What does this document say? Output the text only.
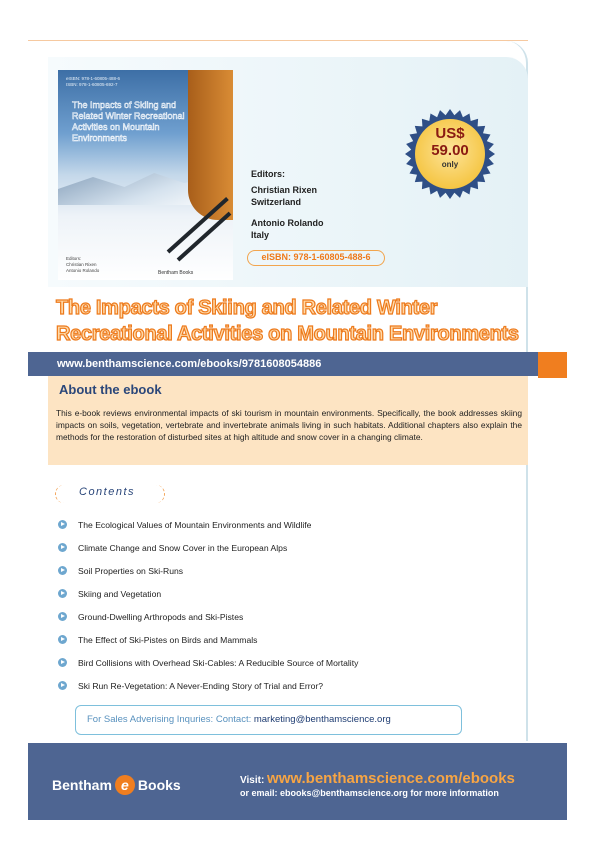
eISBN: 978-1-60805-488-6
ISBN: 978-1-60805-692-7
The Impacts of Skiing and Related Winter Recreational Activities on Mountain Environments
Editors:
Christian Rixen
Antonio Rolando	Bentham Books
Editors:
Christian Rixen
Switzerland
Antonio Rolando
Italy
eISBN: 978-1-60805-488-6
US$
59.00
only
The Impacts of Skiing and Related Winter
Recreational Activities on Mountain Environments
www.benthamscience.com/ebooks/9781608054886
About the ebook
This e-book reviews environmental impacts of ski tourism in mountain environments. Specifically, the book addresses skiing impacts on soils, vegetation, vertebrate and invertebrate animals living in such habitats. Additional chapters also explain the methods for the restoration of disturbed sites at high altitude and snow cover in a changing climate.
Contents
The Ecological Values of Mountain Environments and Wildlife
Climate Change and Snow Cover in the European Alps
Soil Properties on Ski-Runs
Skiing and Vegetation
Ground-Dwelling Arthropods and Ski-Pistes
The Effect of Ski-Pistes on Birds and Mammals
Bird Collisions with Overhead Ski-Cables: A Reducible Source of Mortality
Ski Run Re-Vegetation: A Never-Ending Story of Trial and Error?
For Sales Adverising Inquries: Contact: marketing@benthamscience.org
Bentham e Books	Visit: www.benthamscience.com/ebooks
or email: ebooks@benthamscience.org for more information
